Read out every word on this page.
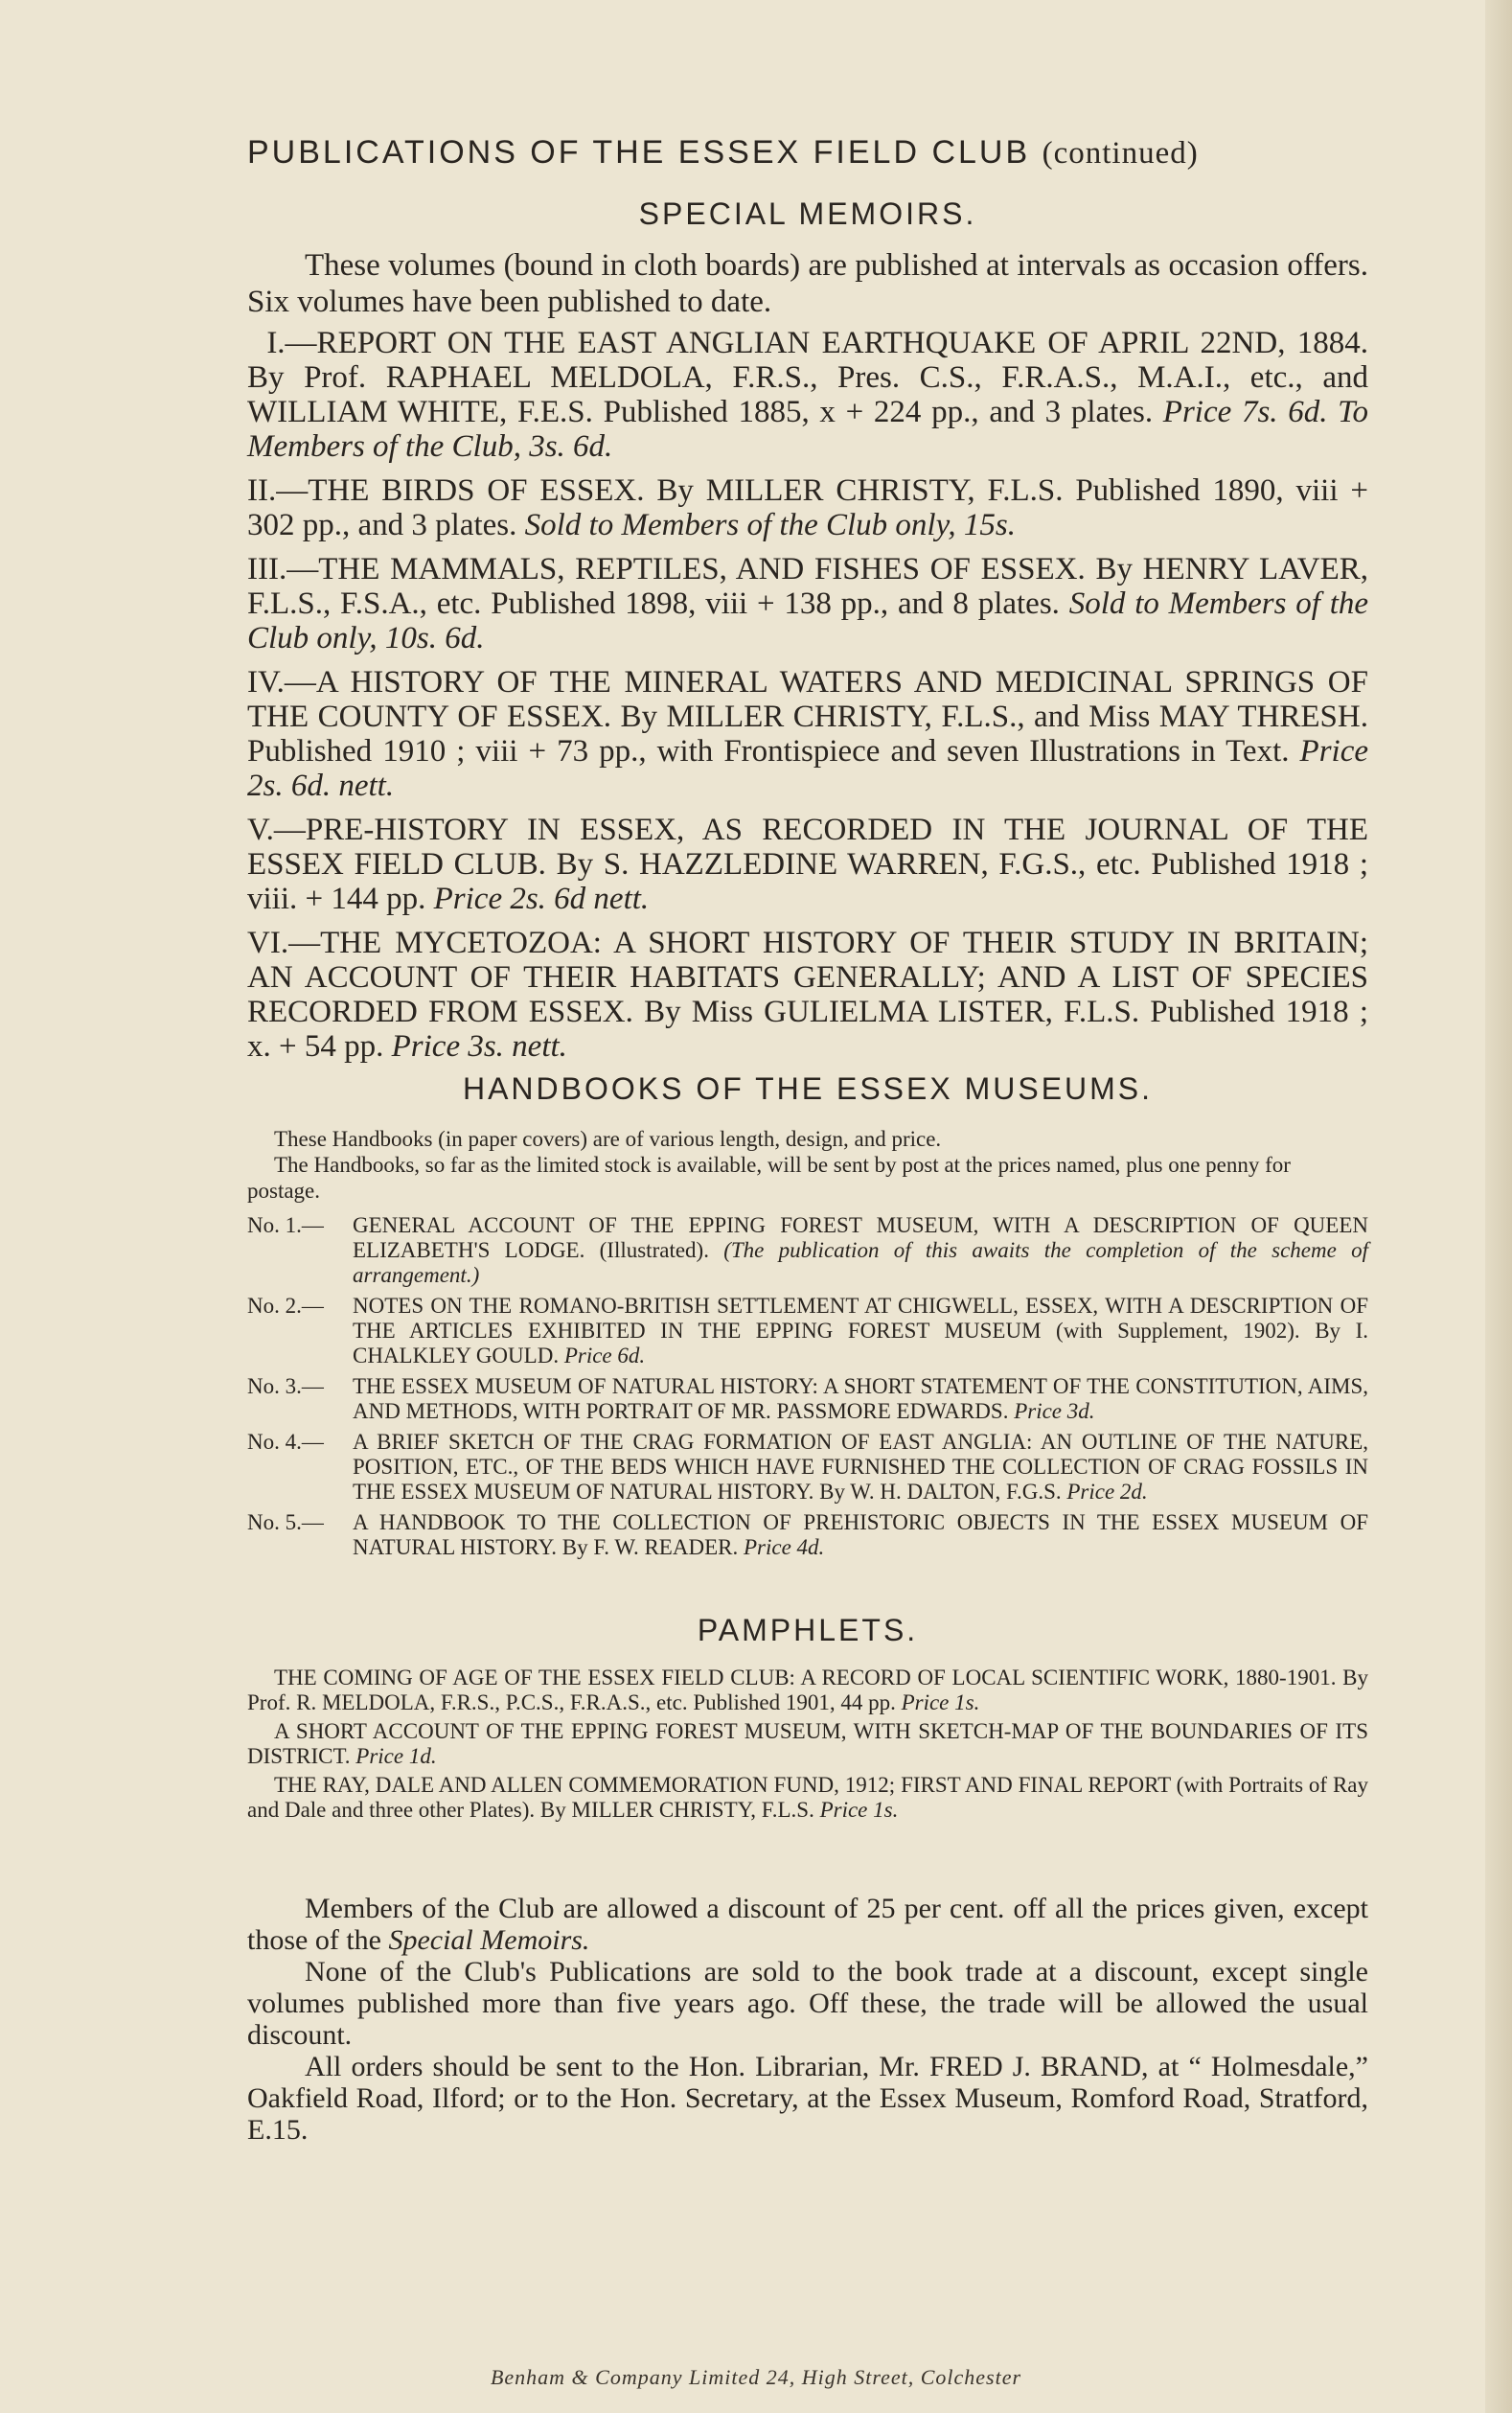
PUBLICATIONS OF THE ESSEX FIELD CLUB (continued)
SPECIAL MEMOIRS.

These volumes (bound in cloth boards) are published at intervals as occasion offers. Six volumes have been published to date.

I.—REPORT ON THE EAST ANGLIAN EARTHQUAKE OF APRIL 22ND, 1884. By Prof. RAPHAEL MELDOLA, F.R.S., Pres. C.S., F.R.A.S., M.A.I., etc., and WILLIAM WHITE, F.E.S. Published 1885, x + 224 pp., and 3 plates. Price 7s. 6d. To Members of the Club, 3s. 6d.

II.—THE BIRDS OF ESSEX. By MILLER CHRISTY, F.L.S. Published 1890, viii + 302 pp., and 3 plates. Sold to Members of the Club only, 15s.

III.—THE MAMMALS, REPTILES, AND FISHES OF ESSEX. By HENRY LAVER, F.L.S., F.S.A., etc. Published 1898, viii + 138 pp., and 8 plates. Sold to Members of the Club only, 10s. 6d.

IV.—A HISTORY OF THE MINERAL WATERS AND MEDICINAL SPRINGS OF THE COUNTY OF ESSEX. By MILLER CHRISTY, F.L.S., and Miss MAY THRESH. Published 1910 ; viii + 73 pp., with Frontispiece and seven Illustrations in Text. Price 2s. 6d. nett.

V.—PRE-HISTORY IN ESSEX, AS RECORDED IN THE JOURNAL OF THE ESSEX FIELD CLUB. By S. HAZZLEDINE WARREN, F.G.S., etc. Published 1918 ; viii. + 144 pp. Price 2s. 6d nett.

VI.—THE MYCETOZOA: A SHORT HISTORY OF THEIR STUDY IN BRITAIN; AN ACCOUNT OF THEIR HABITATS GENERALLY; AND A LIST OF SPECIES RECORDED FROM ESSEX. By Miss GULIELMA LISTER, F.L.S. Published 1918 ; x. + 54 pp. Price 3s. nett.

HANDBOOKS OF THE ESSEX MUSEUMS.

These Handbooks (in paper covers) are of various length, design, and price.

The Handbooks, so far as the limited stock is available, will be sent by post at the prices named, plus one penny for postage.

No. 1.—	GENERAL ACCOUNT OF THE EPPING FOREST MUSEUM, WITH A DESCRIPTION OF QUEEN ELIZABETH'S LODGE. (Illustrated). (The publication of this awaits the completion of the scheme of arrangement.)
No. 2.—	NOTES ON THE ROMANO-BRITISH SETTLEMENT AT CHIGWELL, ESSEX, WITH A DESCRIPTION OF THE ARTICLES EXHIBITED IN THE EPPING FOREST MUSEUM (with Supplement, 1902). By I. CHALKLEY GOULD. Price 6d.
No. 3.—	THE ESSEX MUSEUM OF NATURAL HISTORY: A SHORT STATEMENT OF THE CONSTITUTION, AIMS, AND METHODS, WITH PORTRAIT OF MR. PASSMORE EDWARDS. Price 3d.
No. 4.—	A BRIEF SKETCH OF THE CRAG FORMATION OF EAST ANGLIA: AN OUTLINE OF THE NATURE, POSITION, ETC., OF THE BEDS WHICH HAVE FURNISHED THE COLLECTION OF CRAG FOSSILS IN THE ESSEX MUSEUM OF NATURAL HISTORY. By W. H. DALTON, F.G.S. Price 2d.
No. 5.—	A HANDBOOK TO THE COLLECTION OF PREHISTORIC OBJECTS IN THE ESSEX MUSEUM OF NATURAL HISTORY. By F. W. READER. Price 4d.
PAMPHLETS.

THE COMING OF AGE OF THE ESSEX FIELD CLUB: A RECORD OF LOCAL SCIENTIFIC WORK, 1880-1901. By Prof. R. MELDOLA, F.R.S., P.C.S., F.R.A.S., etc. Published 1901, 44 pp. Price 1s.

A SHORT ACCOUNT OF THE EPPING FOREST MUSEUM, WITH SKETCH-MAP OF THE BOUNDARIES OF ITS DISTRICT. Price 1d.

THE RAY, DALE AND ALLEN COMMEMORATION FUND, 1912; FIRST AND FINAL REPORT (with Portraits of Ray and Dale and three other Plates). By MILLER CHRISTY, F.L.S. Price 1s.

Members of the Club are allowed a discount of 25 per cent. off all the prices given, except those of the Special Memoirs.

None of the Club's Publications are sold to the book trade at a discount, except single volumes published more than five years ago. Off these, the trade will be allowed the usual discount.

All orders should be sent to the Hon. Librarian, Mr. FRED J. BRAND, at “ Holmesdale,” Oakfield Road, Ilford; or to the Hon. Secretary, at the Essex Museum, Romford Road, Stratford, E.15.

Benham & Company Limited 24, High Street, Colchester
